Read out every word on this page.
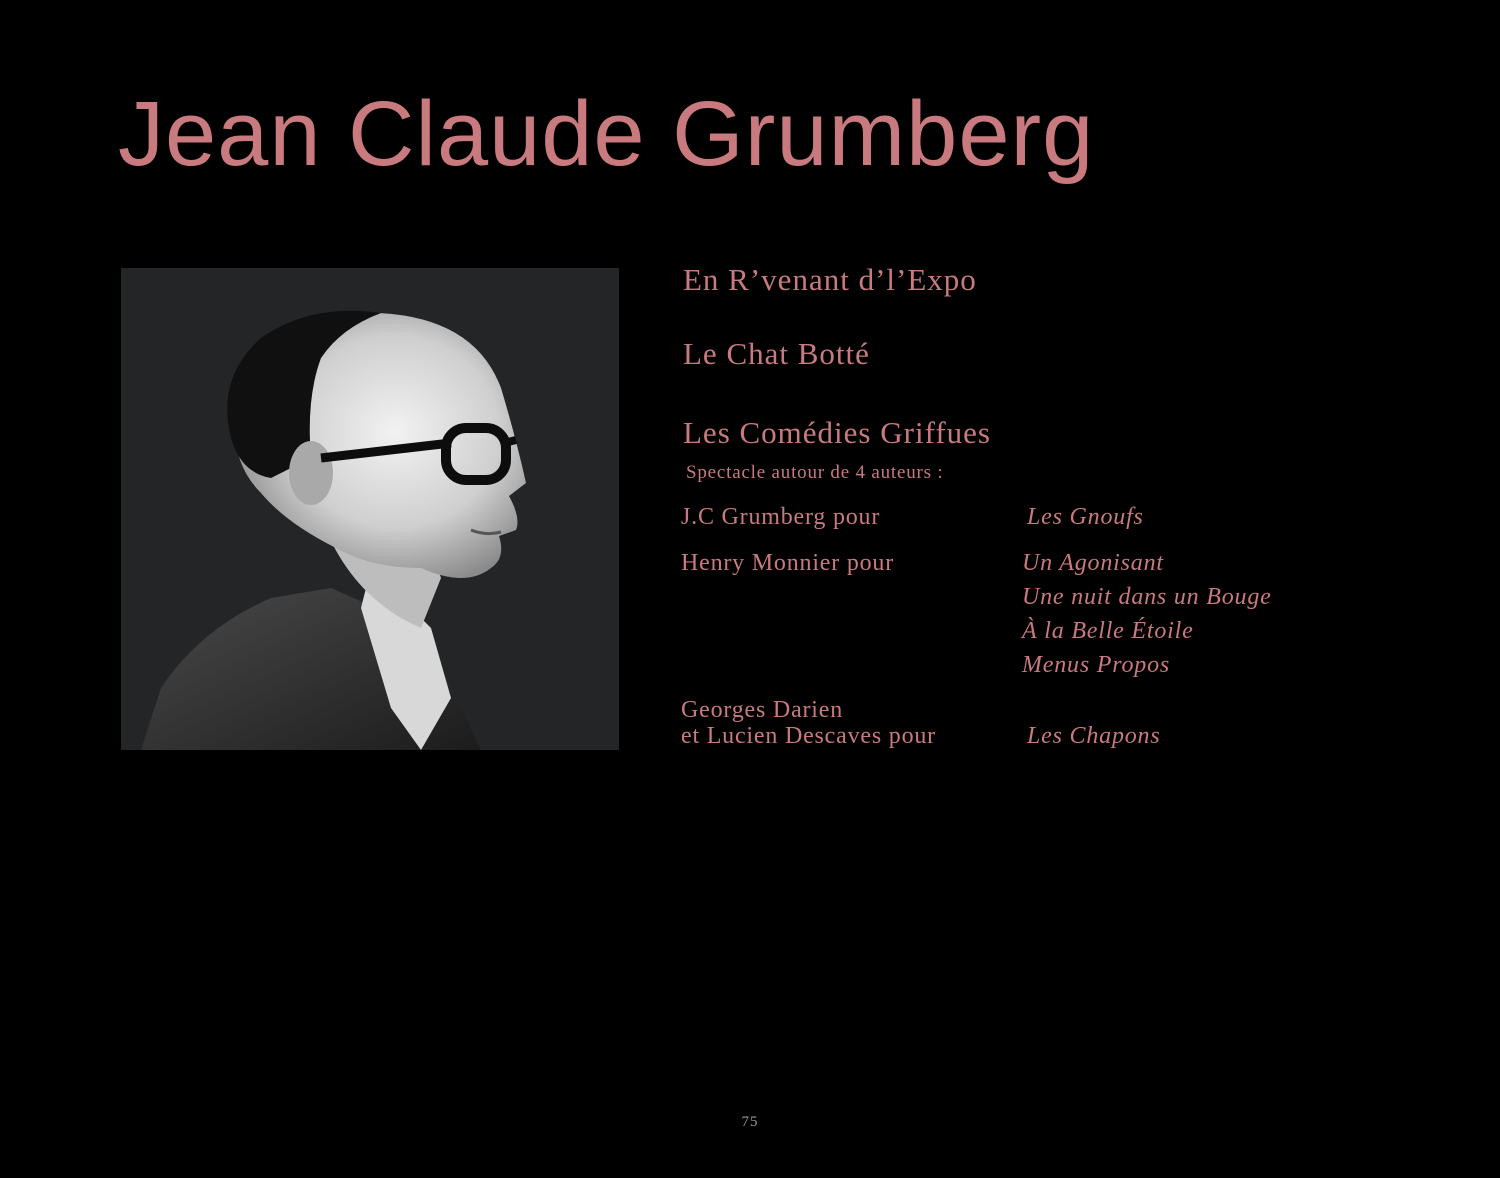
Jean Claude Grumberg
En R’venant d’l’Expo
Le Chat Botté
Les Comédies Griffues
Spectacle autour de 4 auteurs :
J.C Grumberg pour	Les Gnoufs
Henry Monnier pour	Un Agonisant
Une nuit dans un Bouge
À la Belle Étoile
Menus Propos
Georges Darien
et Lucien Descaves pour	Les Chapons
75
